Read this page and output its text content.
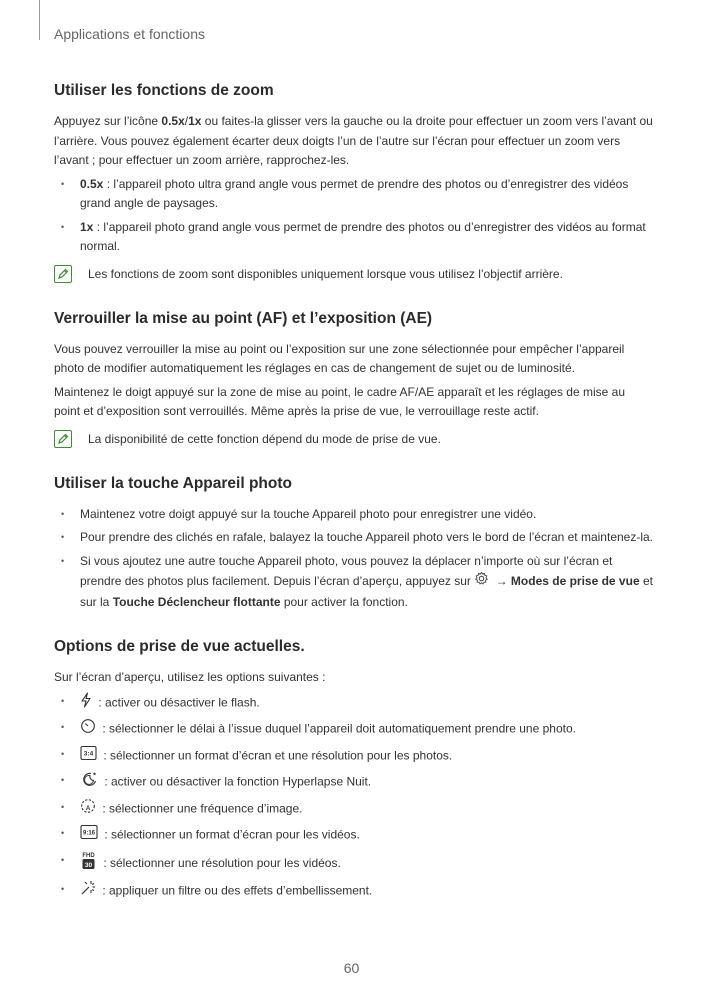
Applications et fonctions
Utiliser les fonctions de zoom

Appuyez sur l’icône 0.5x/1x ou faites-la glisser vers la gauche ou la droite pour effectuer un zoom vers l’avant ou l’arrière. Vous pouvez également écarter deux doigts l’un de l’autre sur l’écran pour effectuer un zoom vers l’avant ; pour effectuer un zoom arrière, rapprochez-les.

• 0.5x : l’appareil photo ultra grand angle vous permet de prendre des photos ou d’enregistrer des vidéos grand angle de paysages.
• 1x : l’appareil photo grand angle vous permet de prendre des photos ou d’enregistrer des vidéos au format normal.
Les fonctions de zoom sont disponibles uniquement lorsque vous utilisez l’objectif arrière.
Verrouiller la mise au point (AF) et l’exposition (AE)

Vous pouvez verrouiller la mise au point ou l’exposition sur une zone sélectionnée pour empêcher l’appareil photo de modifier automatiquement les réglages en cas de changement de sujet ou de luminosité.

Maintenez le doigt appuyé sur la zone de mise au point, le cadre AF/AE apparaît et les réglages de mise au point et d’exposition sont verrouillés. Même après la prise de vue, le verrouillage reste actif.

La disponibilité de cette fonction dépend du mode de prise de vue.
Utiliser la touche Appareil photo
• Maintenez votre doigt appuyé sur la touche Appareil photo pour enregistrer une vidéo.
• Pour prendre des clichés en rafale, balayez la touche Appareil photo vers le bord de l’écran et maintenez-la.
• Si vous ajoutez une autre touche Appareil photo, vous pouvez la déplacer n’importe où sur l’écran et prendre des photos plus facilement. Depuis l’écran d’aperçu, appuyez sur  → Modes de prise de vue et sur la Touche Déclencheur flottante pour activer la fonction.
Options de prise de vue actuelles.

Sur l’écran d’aperçu, utilisez les options suivantes :

• : activer ou désactiver le flash.
• : sélectionner le délai à l’issue duquel l’appareil doit automatiquement prendre une photo.
• 3:4 : sélectionner un format d’écran et une résolution pour les photos.
• : activer ou désactiver la fonction Hyperlapse Nuit.
• A : sélectionner une fréquence d’image.
• 9:16 : sélectionner un format d’écran pour les vidéos.
• FHD
30 : sélectionner une résolution pour les vidéos.
• : appliquer un filtre ou des effets d’embellissement.
60
